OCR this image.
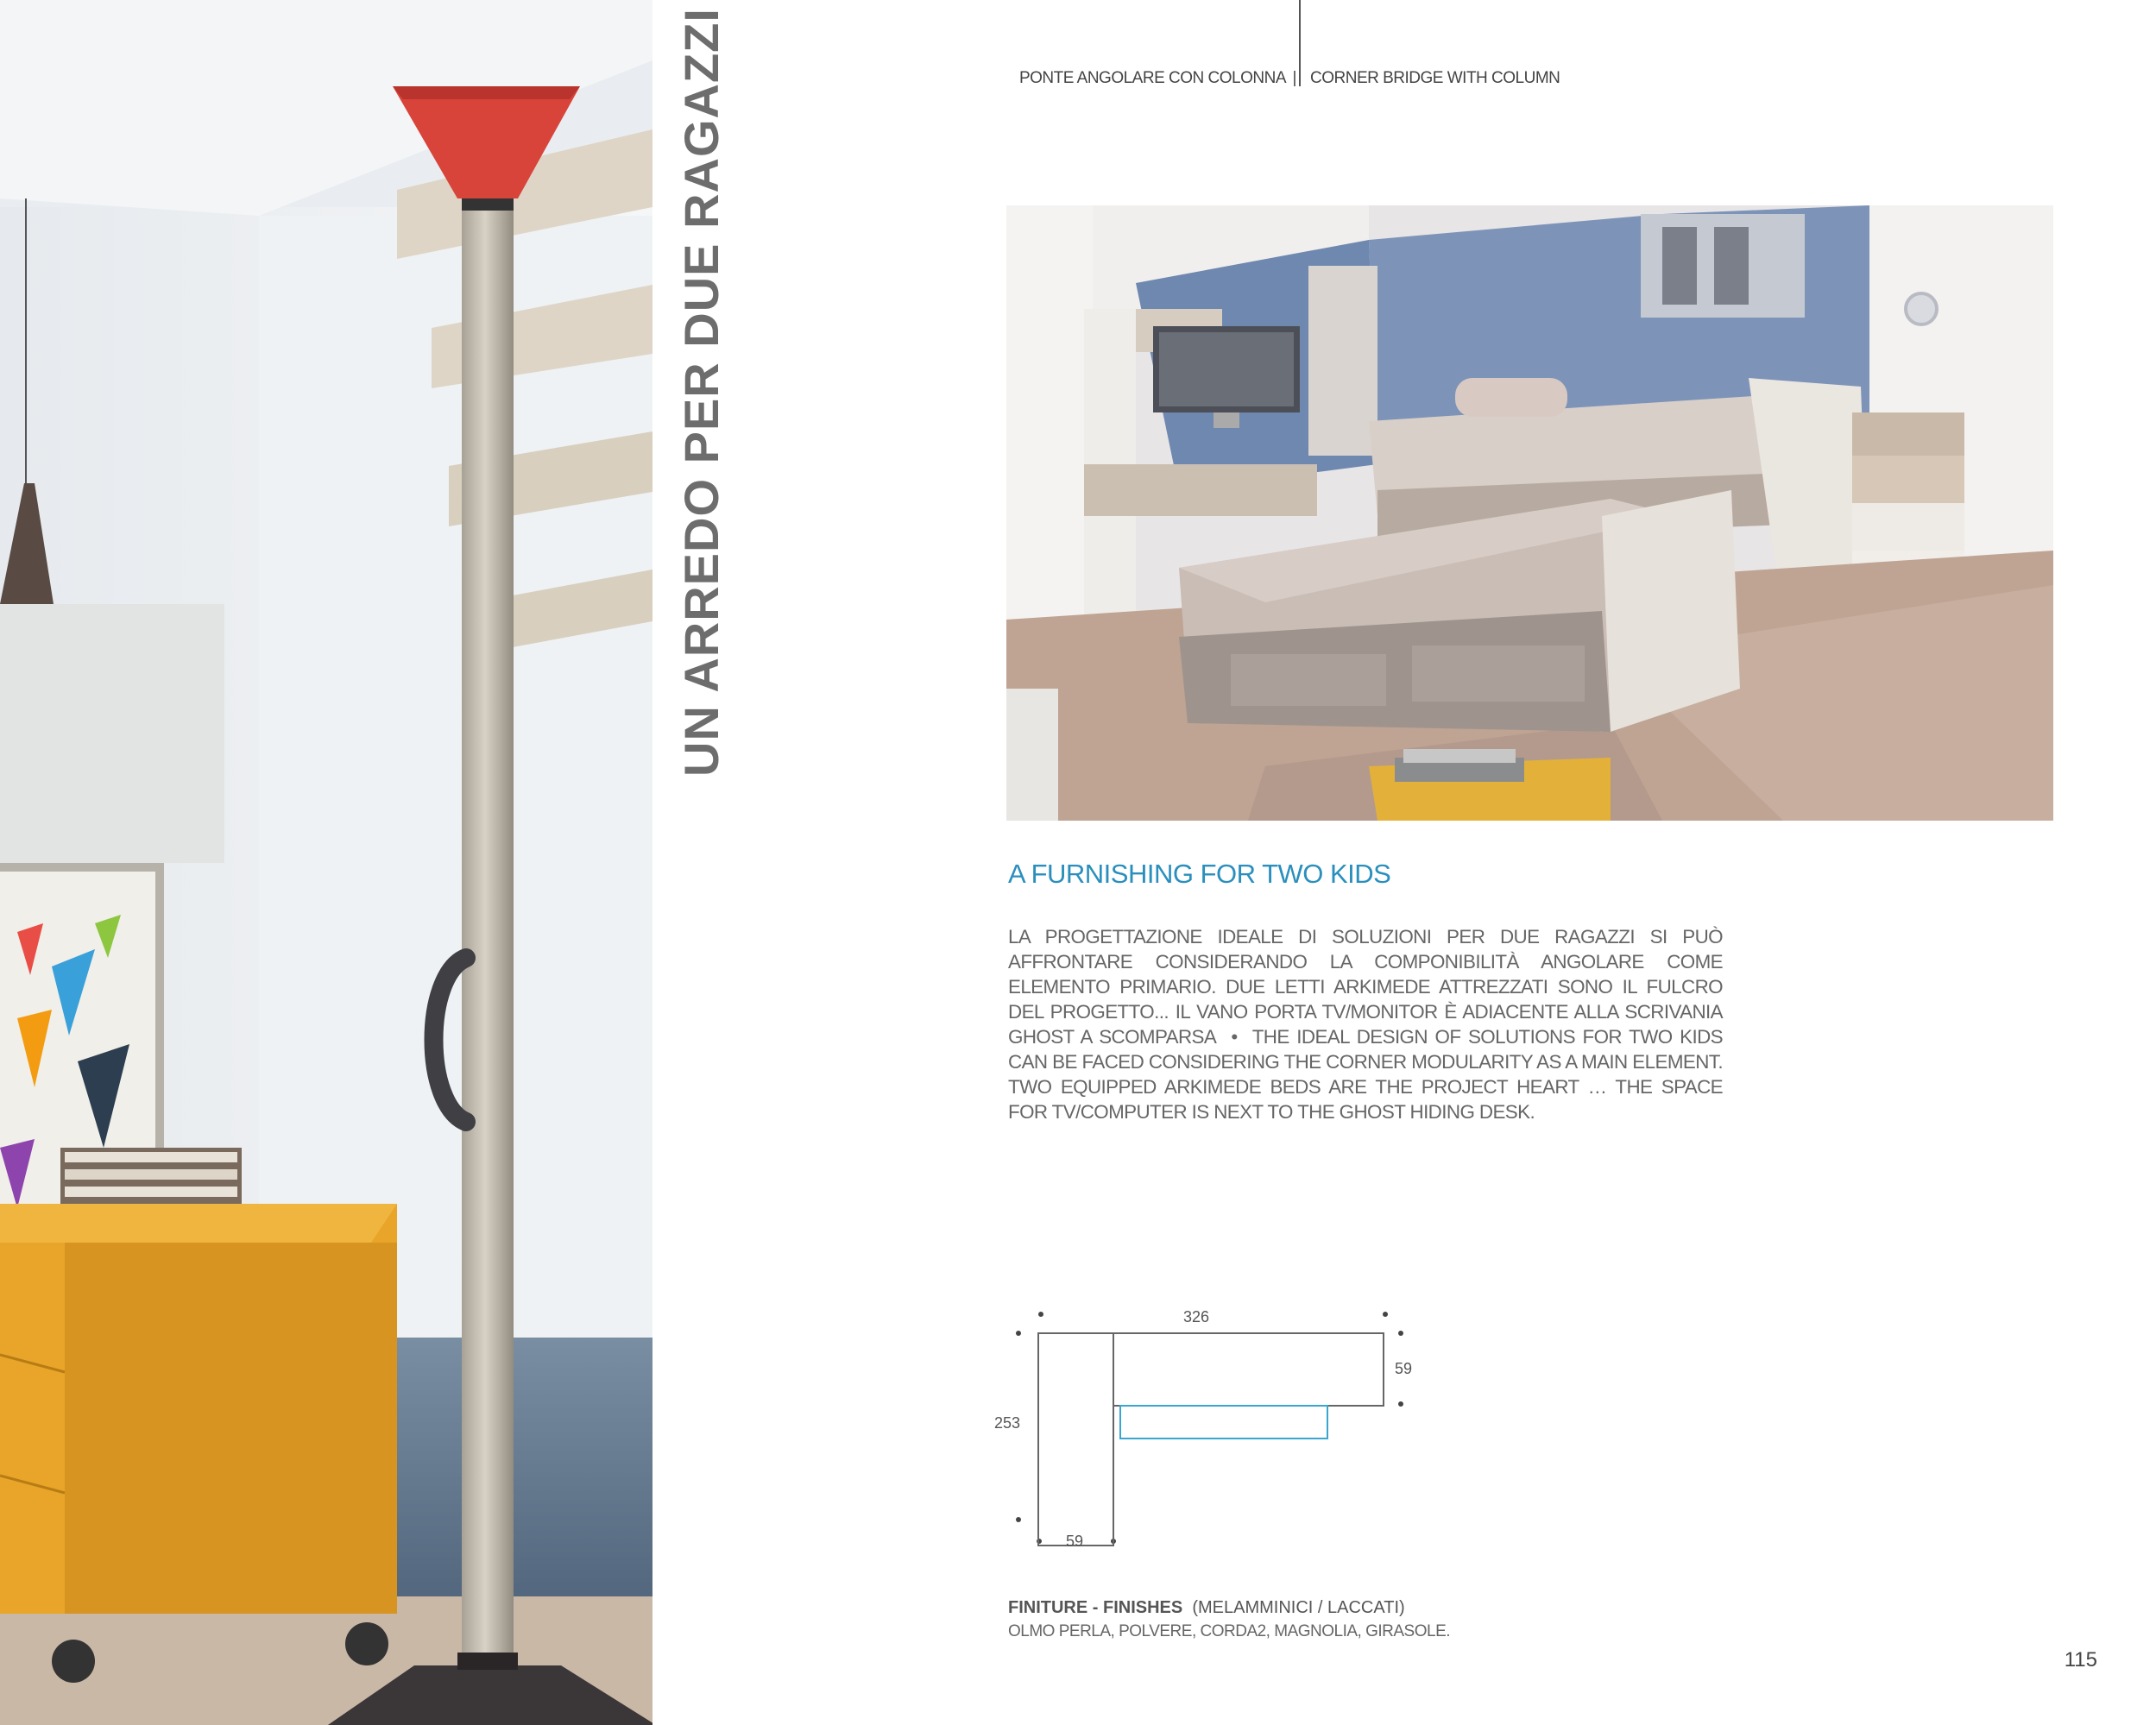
UN ARREDO PER DUE RAGAZZI	PONTE ANGOLARE CON COLONNA | CORNER BRIDGE WITH COLUMN
A FURNISHING FOR TWO KIDS
LA PROGETTAZIONE IDEALE DI SOLUZIONI PER DUE RAGAZZI SI PUÒ AFFRONTARE CONSIDERANDO LA COMPONIBILITÀ ANGOLARE COME ELEMENTO PRIMARIO. DUE LETTI ARKIMEDE ATTREZZATI SONO IL FULCRO DEL PROGETTO... IL VANO PORTA TV/MONITOR È ADIACENTE ALLA SCRIVANIA GHOST A SCOMPARSA • THE IDEAL DESIGN OF SOLUTIONS FOR TWO KIDS CAN BE FACED CONSIDERING THE CORNER MODULARITY AS A MAIN ELEMENT. TWO EQUIPPED ARKIMEDE BEDS ARE THE PROJECT HEART … THE SPACE FOR TV/COMPUTER IS NEXT TO THE GHOST HIDING DESK.
326
59
253
59
FINITURE - FINISHES (MELAMMINICI / LACCATI)
OLMO PERLA, POLVERE, CORDA2, MAGNOLIA, GIRASOLE.
115
